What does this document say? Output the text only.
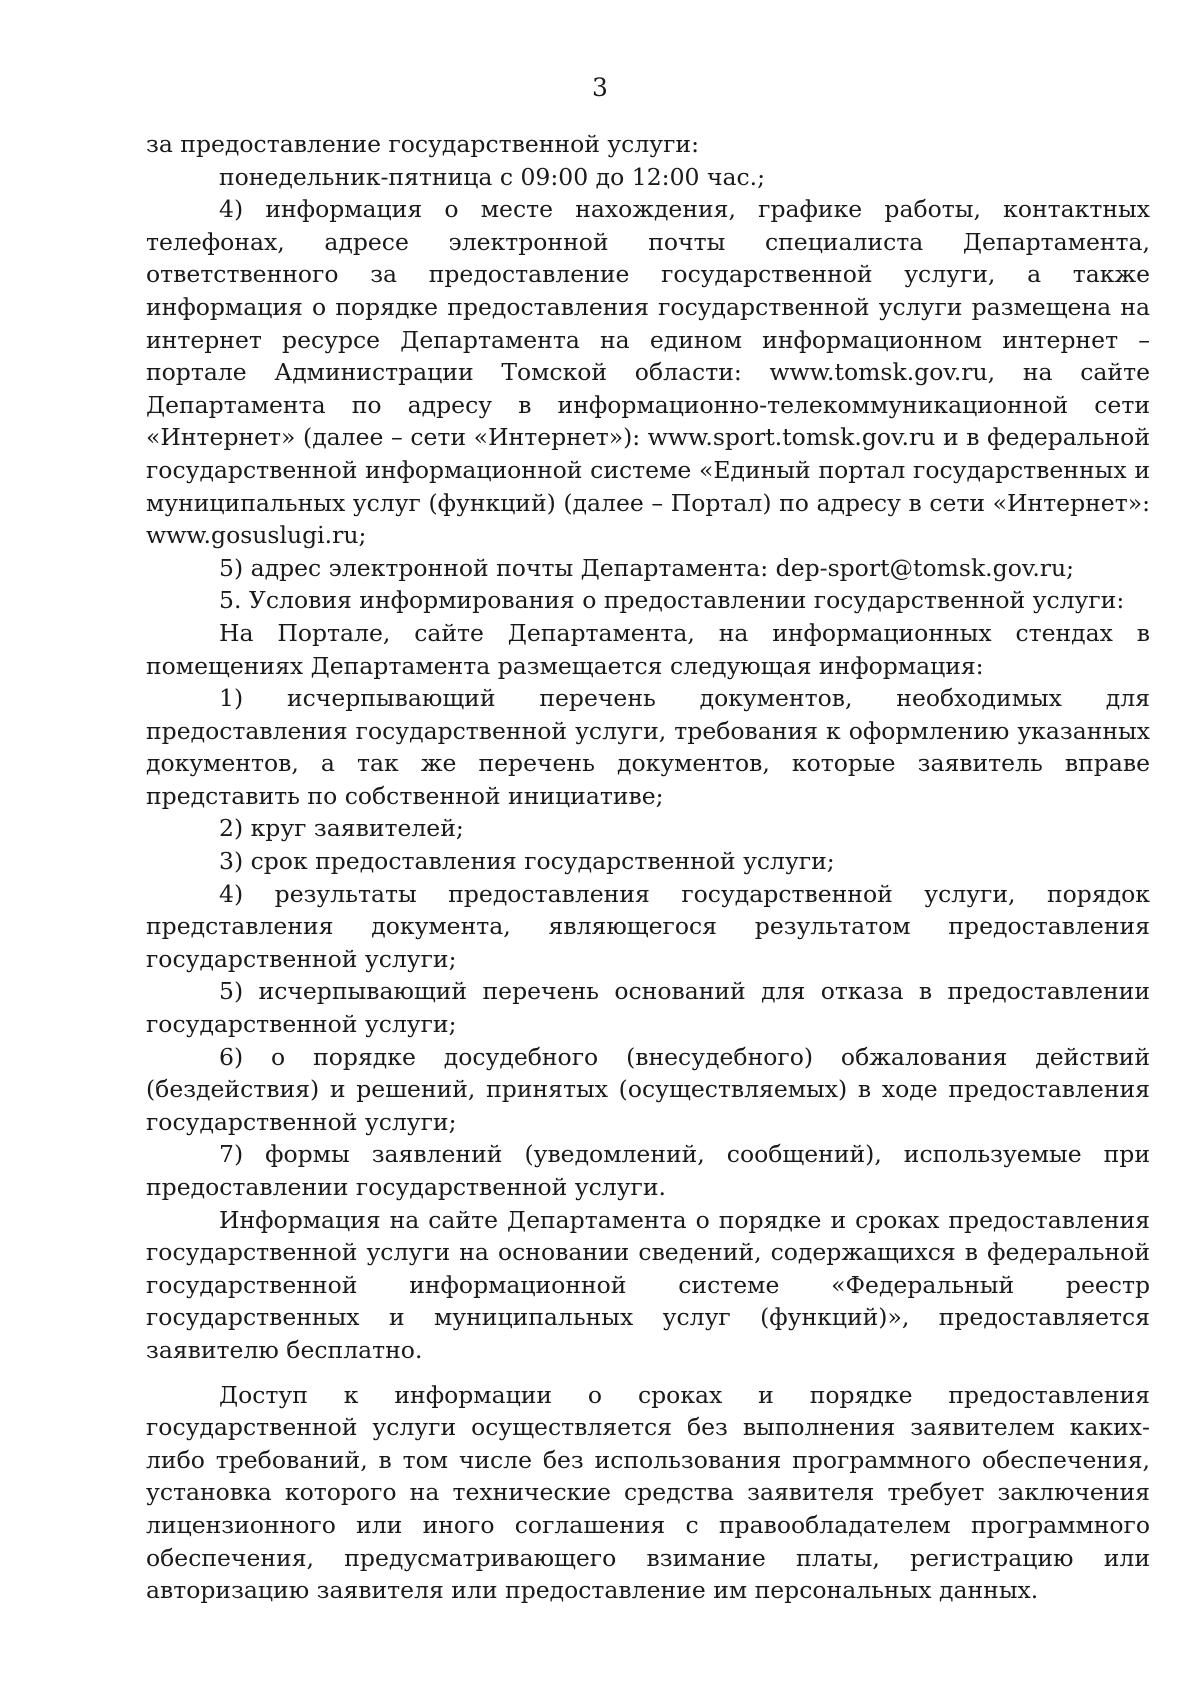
3

за предоставление государственной услуги:

понедельник-пятница с 09:00 до 12:00 час.;

4) информация о месте нахождения, графике работы, контактных телефонах, адресе электронной почты специалиста Департамента, ответственного за предоставление государственной услуги, а также информация о порядке предоставления государственной услуги размещена на интернет ресурсе Департамента на едином информационном интернет – портале Администрации Томской области: www.tomsk.gov.ru, на сайте Департамента по адресу в информационно-телекоммуникационной сети «Интернет» (далее – сети «Интернет»): www.sport.tomsk.gov.ru и в федеральной государственной информационной системе «Единый портал государственных и муниципальных услуг (функций) (далее – Портал) по адресу в сети «Интернет»: www.gosuslugi.ru;

5) адрес электронной почты Департамента: dep-sport@tomsk.gov.ru;

5. Условия информирования о предоставлении государственной услуги:

На Портале, сайте Департамента, на информационных стендах в помещениях Департамента размещается следующая информация:

1) исчерпывающий перечень документов, необходимых для предоставления государственной услуги, требования к оформлению указанных документов, а так же перечень документов, которые заявитель вправе представить по собственной инициативе;

2) круг заявителей;

3) срок предоставления государственной услуги;

4) результаты предоставления государственной услуги, порядок представления документа, являющегося результатом предоставления государственной услуги;

5) исчерпывающий перечень оснований для отказа в предоставлении государственной услуги;

6) о порядке досудебного (внесудебного) обжалования действий (бездействия) и решений, принятых (осуществляемых) в ходе предоставления государственной услуги;

7) формы заявлений (уведомлений, сообщений), используемые при предоставлении государственной услуги.

Информация на сайте Департамента о порядке и сроках предоставления государственной услуги на основании сведений, содержащихся в федеральной государственной информационной системе «Федеральный реестр государственных и муниципальных услуг (функций)», предоставляется заявителю бесплатно.

Доступ к информации о сроках и порядке предоставления государственной услуги осуществляется без выполнения заявителем каких-либо требований, в том числе без использования программного обеспечения, установка которого на технические средства заявителя требует заключения лицензионного или иного соглашения с правообладателем программного обеспечения, предусматривающего взимание платы, регистрацию или авторизацию заявителя или предоставление им персональных данных.
